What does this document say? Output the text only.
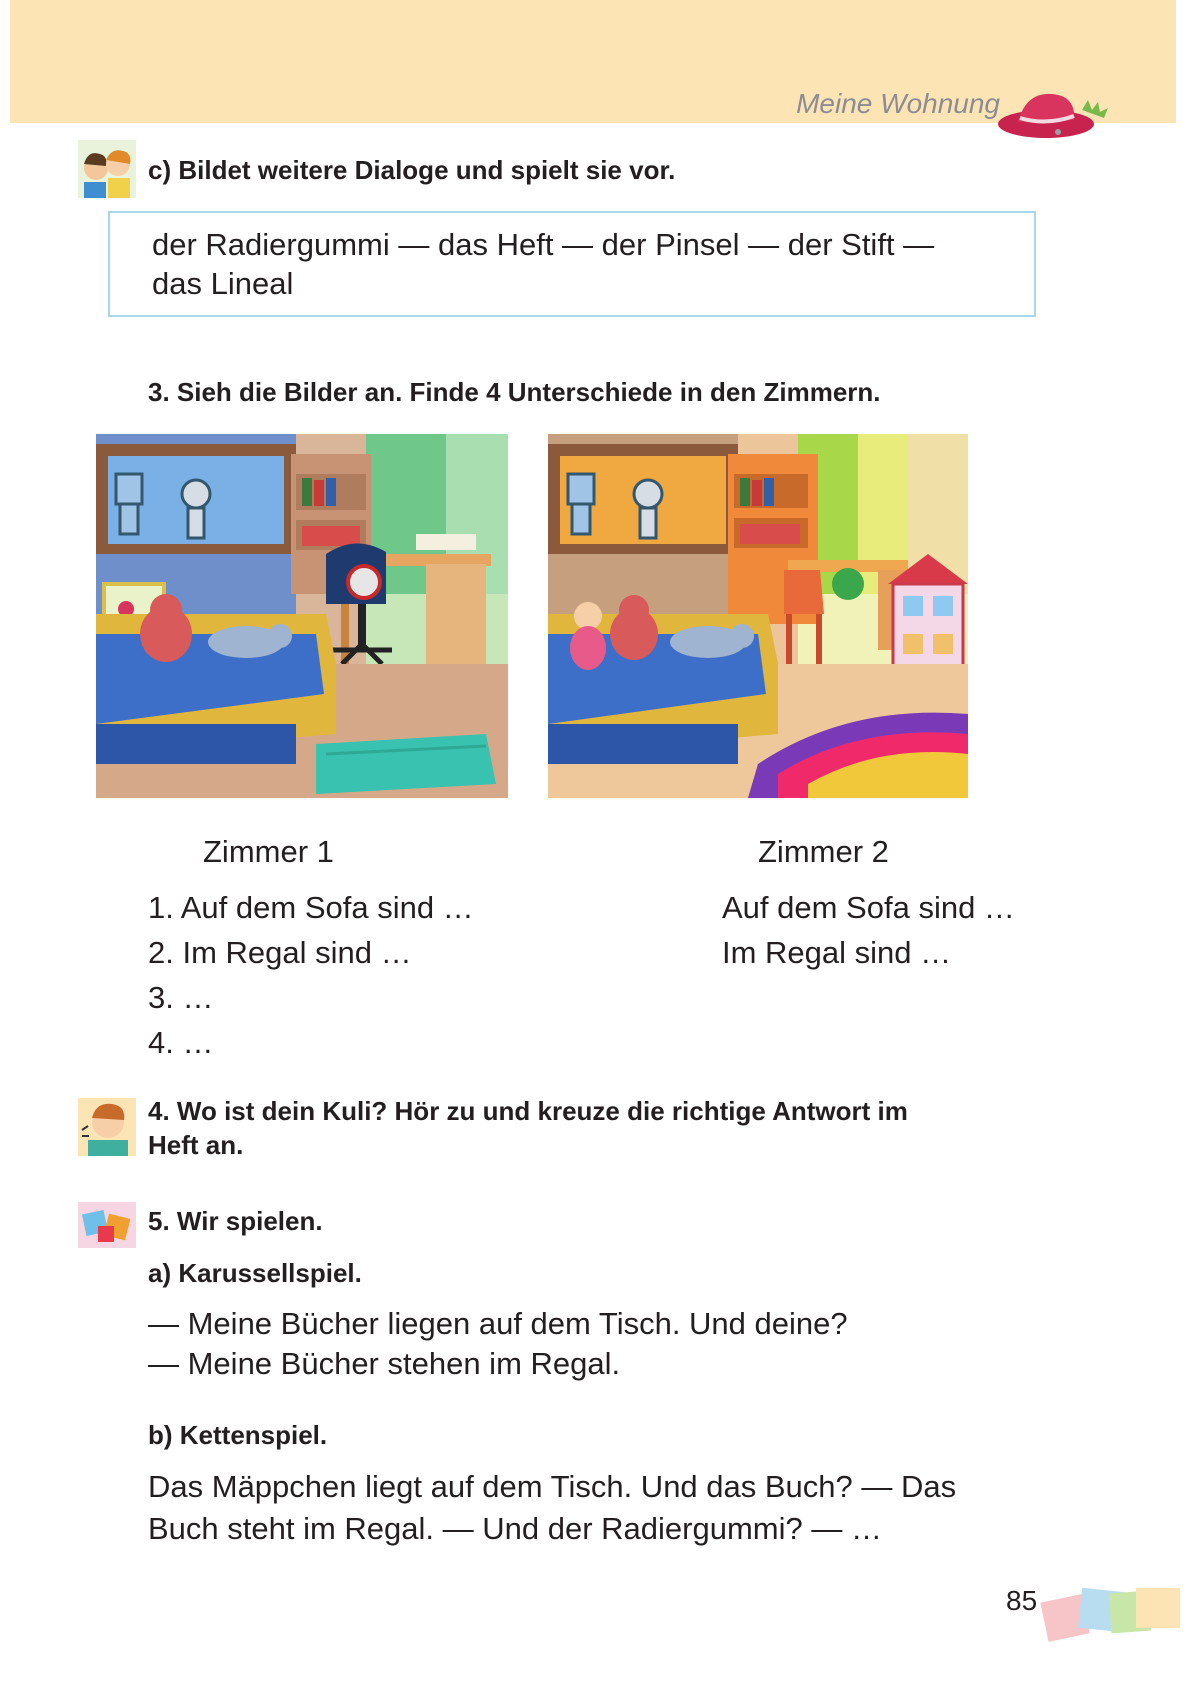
Meine Wohnung
c) Bildet weitere Dialoge und spielt sie vor.

der Radiergummi — das Heft — der Pinsel — der Stift —
das Lineal

3. Sieh die Bilder an. Finde 4 Unterschiede in den Zimmern.
Zimmer 1	Zimmer 2
1. Auf dem Sofa sind …
2. Im Regal sind …
3. …
4. …
Auf dem Sofa sind …
Im Regal sind …
4. Wo ist dein Kuli? Hör zu und kreuze die richtige Antwort im
Heft an.
5. Wir spielen.
a) Karussellspiel.
— Meine Bücher liegen auf dem Tisch. Und deine?
— Meine Bücher stehen im Regal.
b) Kettenspiel.
Das Mäppchen liegt auf dem Tisch. Und das Buch? — Das
Buch steht im Regal. — Und der Radiergummi? — …
85
